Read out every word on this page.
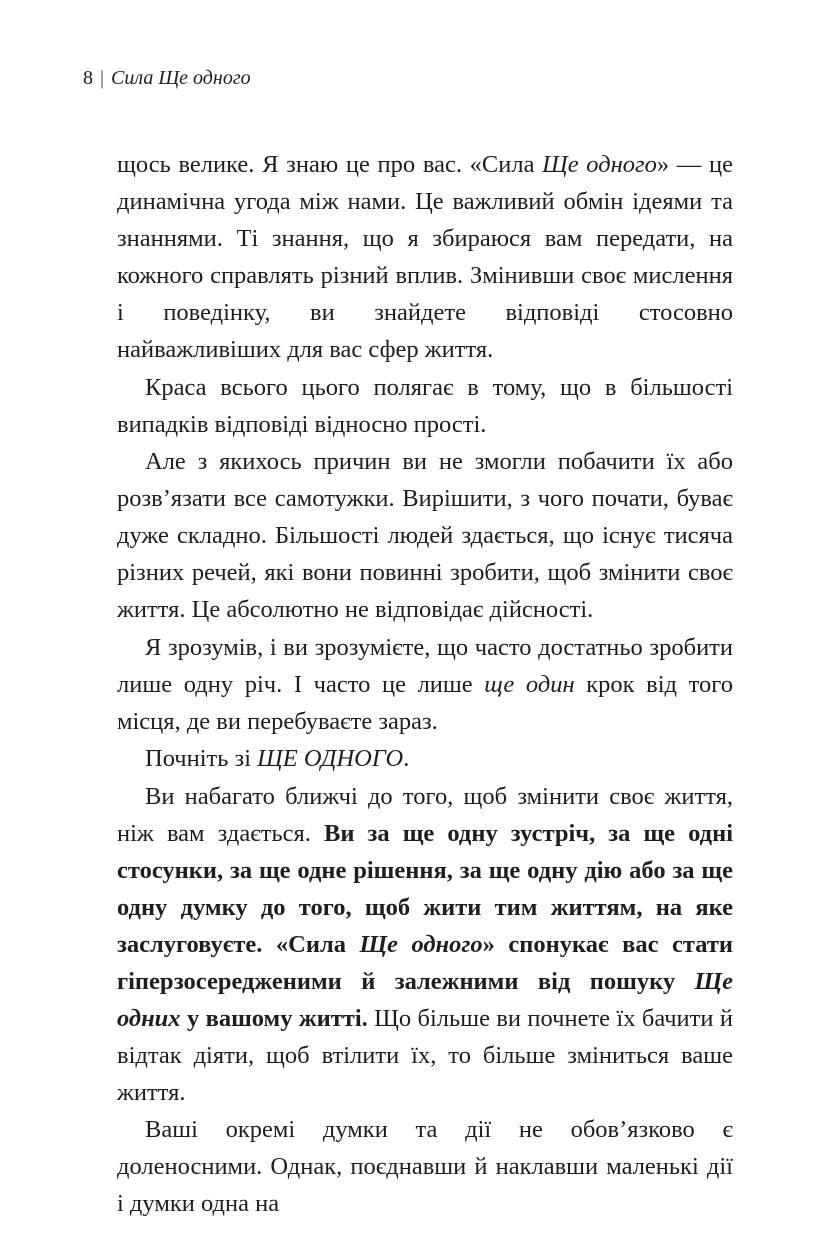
8 | Сила Ще одного

щось велике. Я знаю це про вас. «Сила Ще одного» — це динамічна угода між нами. Це важливий обмін ідеями та знаннями. Ті знання, що я збираюся вам передати, на кожного справлять різний вплив. Змінивши своє мислення і поведінку, ви знайдете відповіді стосовно найважливіших для вас сфер життя.

Краса всього цього полягає в тому, що в більшості випадків відповіді відносно прості.

Але з якихось причин ви не змогли побачити їх або розв’язати все самотужки. Вирішити, з чого почати, буває дуже складно. Більшості людей здається, що існує тисяча різних речей, які вони повинні зробити, щоб змінити своє життя. Це абсолютно не відповідає дійсності.

Я зрозумів, і ви зрозумієте, що часто достатньо зробити лише одну річ. І часто це лише ще один крок від того місця, де ви перебуваєте зараз.

Почніть зі ЩЕ ОДНОГО.

Ви набагато ближчі до того, щоб змінити своє життя, ніж вам здається. Ви за ще одну зустріч, за ще одні стосунки, за ще одне рішення, за ще одну дію або за ще одну думку до того, щоб жити тим життям, на яке заслуговуєте. «Сила Ще одного» спонукає вас стати гіперзосередженими й залежними від пошуку Ще одних у вашому житті. Що більше ви почнете їх бачити й відтак діяти, щоб втілити їх, то більше зміниться ваше життя.

Ваші окремі думки та дії не обов’язково є доленосними. Однак, поєднавши й наклавши маленькі дії і думки одна на
